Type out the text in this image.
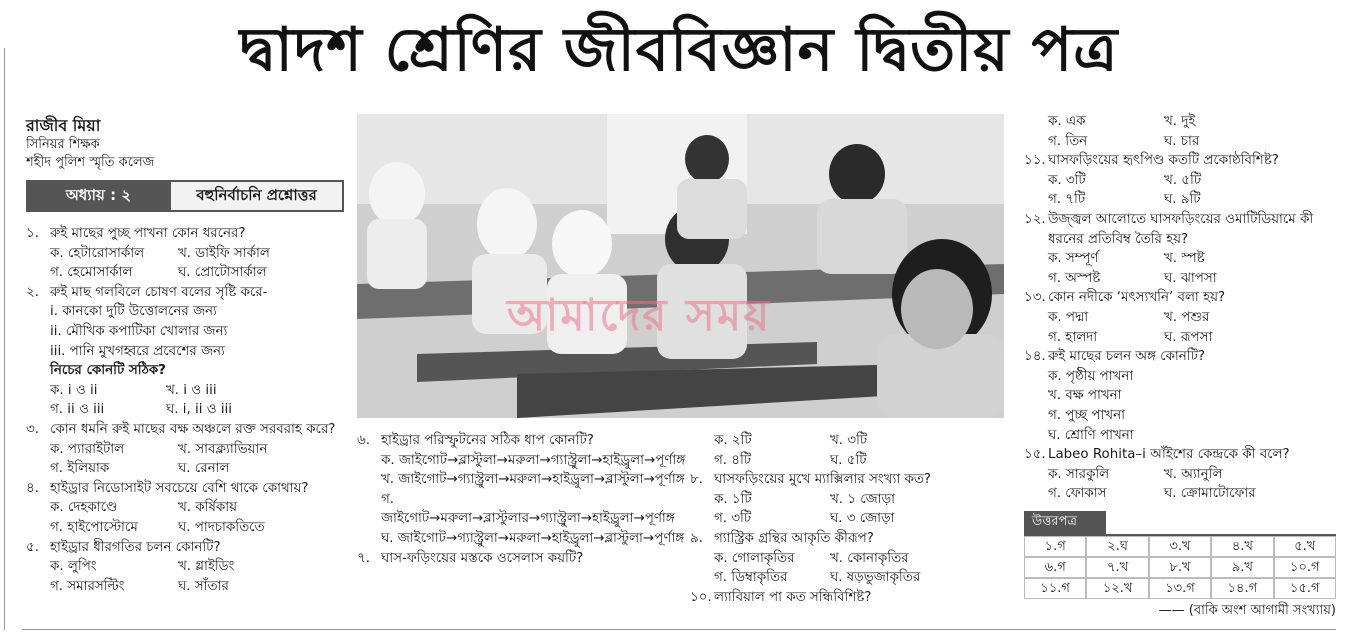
দ্বাদশ শ্রেণির জীববিজ্ঞান দ্বিতীয় পত্র
রাজীব মিয়া
সিনিয়র শিক্ষক
শহীদ পুলিশ স্মৃতি কলেজ
অধ্যায় : ২	বহুনির্বাচনি প্রশ্নোত্তর
১. রুই মাছের পুচ্ছ পাখনা কোন ধরনের?
ক. হেটারোসার্কাল	খ. ডাইফি সার্কাল
গ. হেমোসার্কাল	ঘ. প্রোটোসার্কাল
২. রুই মাছ গলবিলে চোষণ বলের সৃষ্টি করে-
i. কানকো দুটি উত্তোলনের জন্য
ii. মৌখিক কপাটিকা খোলার জন্য
iii. পানি মুখগহ্বরে প্রবেশের জন্য
নিচের কোনটি সঠিক?
ক. i ও ii	খ. i ও iii
গ. ii ও iii	ঘ. i, ii ও iii
৩. কোন ধমনি রুই মাছের বক্ষ অঞ্চলে রক্ত সরবরাহ করে?
ক. প্যারাইটাল	খ. সাবক্ল্যাভিয়ান
গ. ইলিয়াক	ঘ. রেনাল
৪. হাইড্রার নিডোসাইট সবচেয়ে বেশি থাকে কোথায়?
ক. দেহকাণ্ডে	খ. কর্ষিকায়
গ. হাইপোস্টোমে	ঘ. পাদচাকতিতে
৫. হাইড্রার ধীরগতির চলন কোনটি?
ক. লুপিং	খ. গ্লাইডিং
গ. সমারসল্টিং	ঘ. সাঁতার

আমাদের সময়
৬. হাইড্রার পরিস্ফুটনের সঠিক ধাপ কোনটি?
ক. জাইগোট→ব্লাস্টুলা→মরুলা→গ্যাস্ট্রুলা→হাইড্রুলা→পূর্ণাঙ্গ
খ. জাইগোট→গ্যাস্ট্রুলা→মরুলা→হাইড্রুলা→ব্লাস্টুলা→পূর্ণাঙ্গ
গ. জাইগোট→মরুলা→ব্লাস্টুলার→গ্যাস্ট্রুলা→হাইড্রুলা→পূর্ণাঙ্গ
ঘ. জাইগোট→গ্যাস্ট্রুলা→মরুলা→হাইড্রুলা→ব্লাস্টুলা→পূর্ণাঙ্গ
৭. ঘাস-ফড়িংয়ের মস্তকে ওসেলাস কয়টি?
ক. ২টি	খ. ৩টি
গ. ৪টি	ঘ. ৫টি
৮. ঘাসফড়িংয়ের মুখে ম্যাক্সিলার সংখ্যা কত?
ক. ১টি	খ. ১ জোড়া
গ. ৩টি	ঘ. ৩ জোড়া
৯. গ্যাস্ট্রিক গ্রন্থির আকৃতি কীরূপ?
ক. গোলাকৃতির	খ. কোনাকৃতির
গ. ডিম্বাকৃতির	ঘ. ষড়ভুজাকৃতির
১০. ল্যাবিয়াল পা কত সন্ধিবিশিষ্ট?
ক. এক	খ. দুই
গ. তিন	ঘ. চার
১১. ঘাসফড়িংয়ের হৃৎপিণ্ড কতটি প্রকোষ্ঠবিশিষ্ট?
ক. ৩টি	খ. ৫টি
গ. ৭টি	ঘ. ৯টি
১২. উজ্জ্বল আলোতে ঘাসফড়িংয়ের ওমাটিডিয়ামে কী ধরনের প্রতিবিম্ব তৈরি হয়?
ক. সম্পূর্ণ	খ. স্পষ্ট
গ. অস্পষ্ট	ঘ. ঝাপসা
১৩. কোন নদীকে ‘মৎস্যখনি’ বলা হয়?
ক. পদ্মা	খ. পশুর
গ. হালদা	ঘ. রূপসা
১৪. রুই মাছের চলন অঙ্গ কোনটি?
ক. পৃষ্ঠীয় পাখনা
খ. বক্ষ পাখনা
গ. পুচ্ছ পাখনা
ঘ. শ্রোণি পাখনা
১৫. Labeo Rohita–i আঁইশের কেন্দ্রকে কী বলে?
ক. সারকুলি	খ. অ্যানুলি
গ. ফোকাস	ঘ. ক্রোমাটোফোর
উত্তরপত্র
১.গ	২.ঘ	৩.খ	৪.খ	৫.খ
৬.গ	৭.খ	৮.খ	৯.খ	১০.গ
১১.গ	১২.খ	১৩.গ	১৪.গ	১৫.গ
—— (বাকি অংশ আগামী সংখ্যায়)
